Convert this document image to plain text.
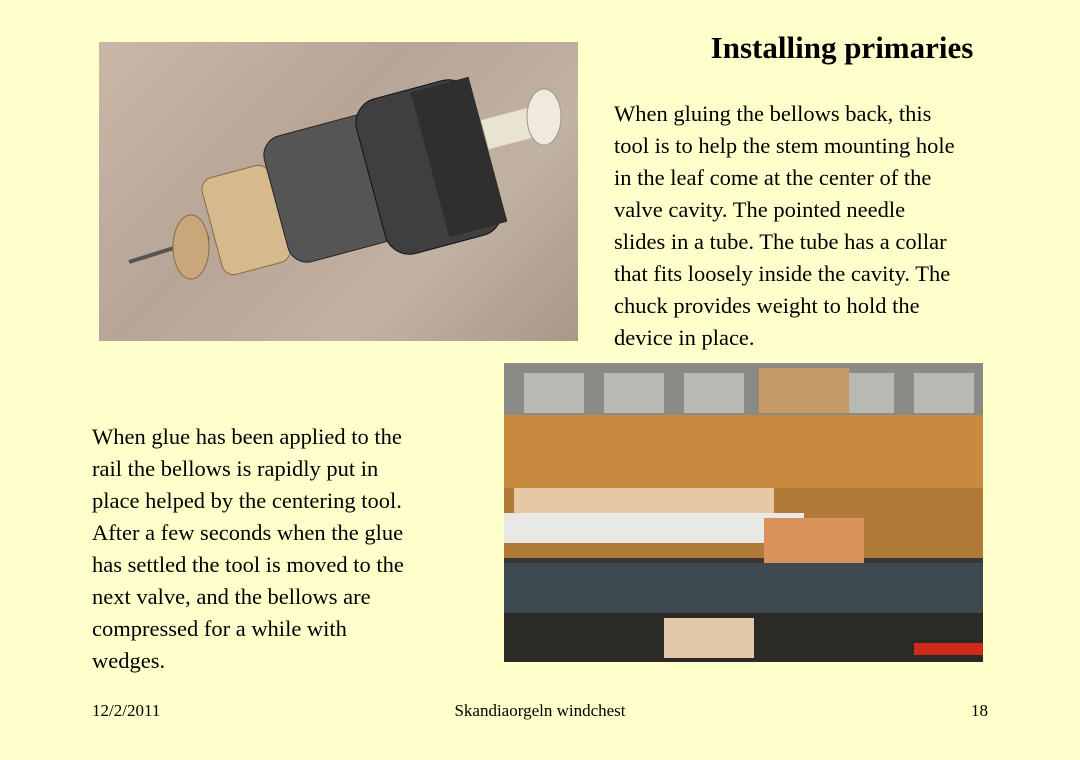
Installing primaries
When gluing the bellows back, this
tool is to help the stem mounting hole
in the leaf come at the center of the
valve cavity. The pointed needle
slides in a tube. The tube has a collar
that fits loosely inside the cavity. The
chuck provides weight to hold the
device in place.
When glue has been applied to the
rail the bellows is rapidly put in
place helped by the centering tool.
After a few seconds when the glue
has settled the tool is moved to the
next valve, and the bellows are
compressed for a while with
wedges.
12/2/2011	Skandiaorgeln windchest	18
